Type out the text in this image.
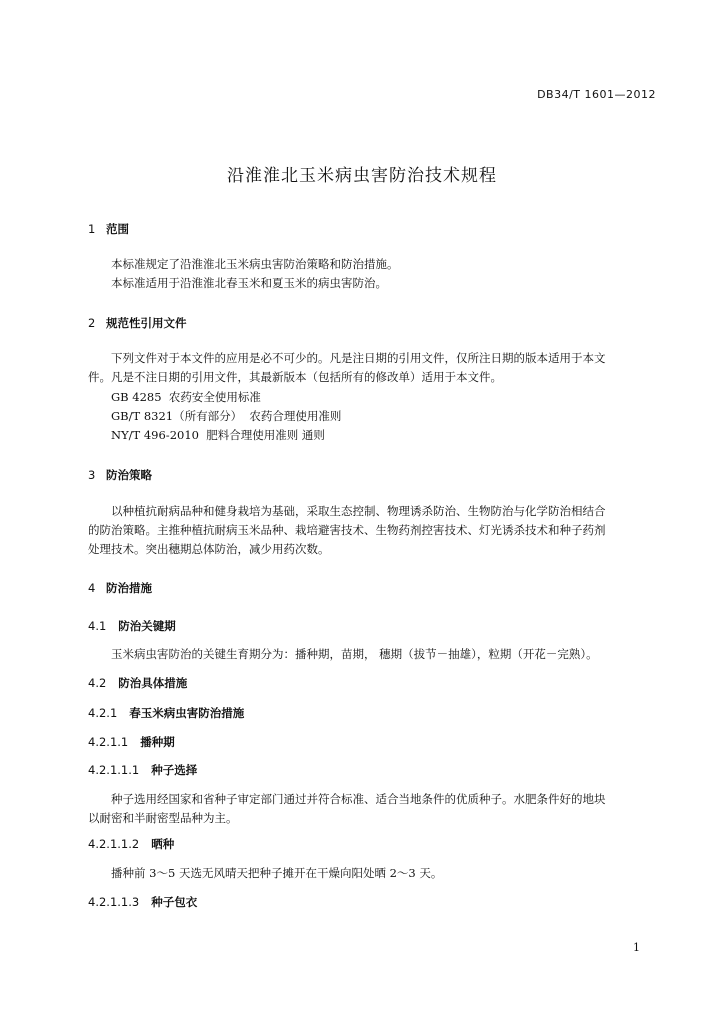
DB34/T 1601—2012
沿淮淮北玉米病虫害防治技术规程
1 范围
本标准规定了沿淮淮北玉米病虫害防治策略和防治措施。
本标准适用于沿淮淮北春玉米和夏玉米的病虫害防治。
2 规范性引用文件
下列文件对于本文件的应用是必不可少的。凡是注日期的引用文件，仅所注日期的版本适用于本文
件。凡是不注日期的引用文件，其最新版本（包括所有的修改单）适用于本文件。
GB 4285  农药安全使用标准
GB/T 8321（所有部分）  农药合理使用准则
NY/T 496-2010  肥料合理使用准则 通则
3 防治策略
以种植抗耐病品种和健身栽培为基础，采取生态控制、物理诱杀防治、生物防治与化学防治相结合
的防治策略。主推种植抗耐病玉米品种、栽培避害技术、生物药剂控害技术、灯光诱杀技术和种子药剂
处理技术。突出穗期总体防治，减少用药次数。
4 防治措施
4.1 防治关键期
玉米病虫害防治的关键生育期分为：播种期，苗期， 穗期（拔节－抽雄），粒期（开花－完熟）。
4.2 防治具体措施
4.2.1 春玉米病虫害防治措施
4.2.1.1 播种期
4.2.1.1.1 种子选择
种子选用经国家和省种子审定部门通过并符合标准、适合当地条件的优质种子。水肥条件好的地块
以耐密和半耐密型品种为主。
4.2.1.1.2 晒种
播种前 3～5 天选无风晴天把种子摊开在干燥向阳处晒 2～3 天。
4.2.1.1.3 种子包衣
1
